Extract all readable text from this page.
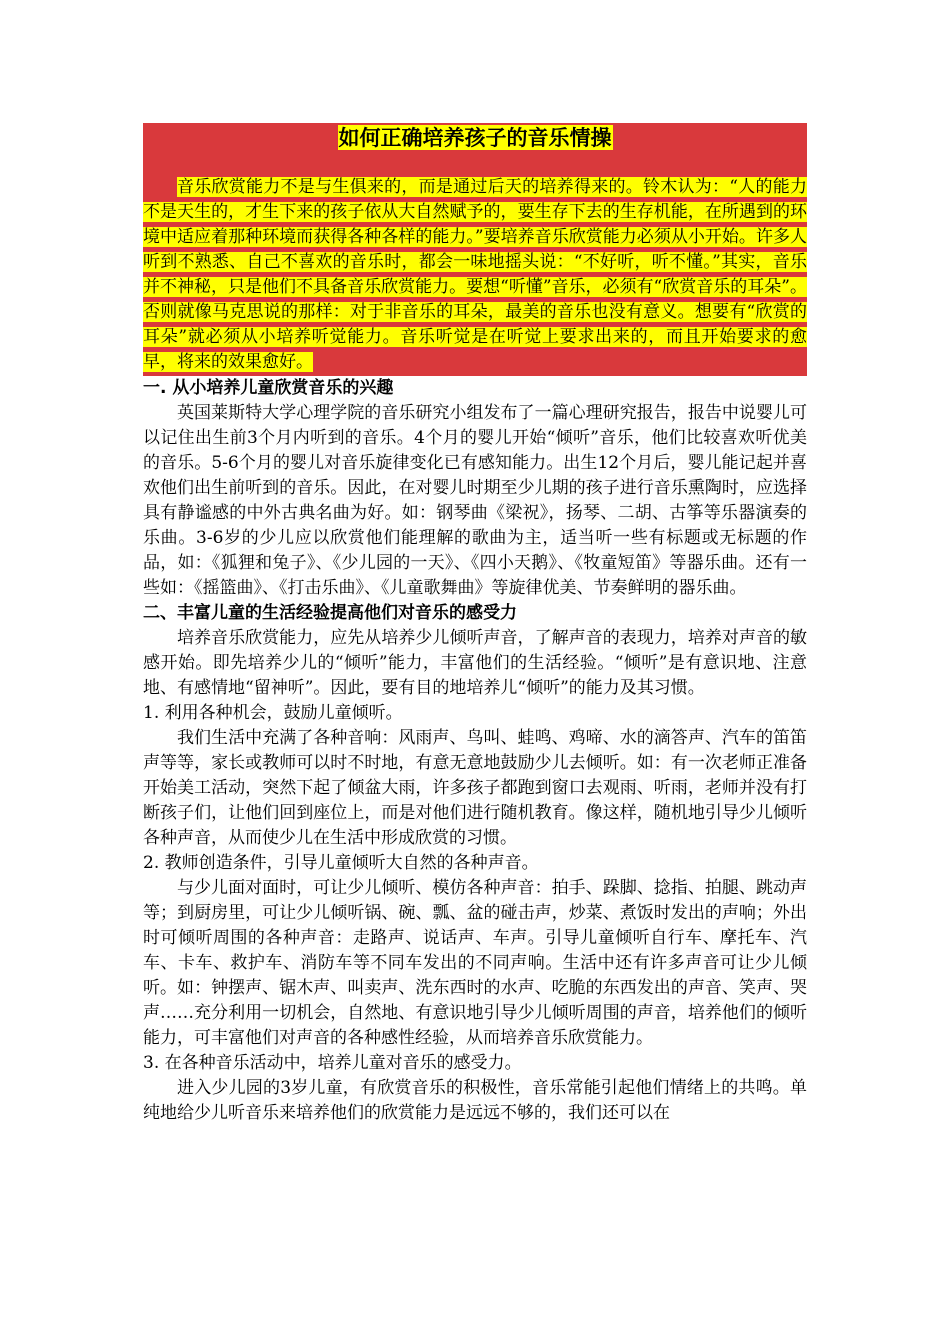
如何正确培养孩子的音乐情操

音乐欣赏能力不是与生俱来的，而是通过后天的培养得来的。铃木认为：“人的能力不是天生的，才生下来的孩子依从大自然赋予的，要生存下去的生存机能，在所遇到的环境中适应着那种环境而获得各种各样的能力。”要培养音乐欣赏能力必须从小开始。许多人听到不熟悉、自己不喜欢的音乐时，都会一味地摇头说：“不好听，听不懂。”其实，音乐并不神秘，只是他们不具备音乐欣赏能力。要想“听懂”音乐，必须有“欣赏音乐的耳朵”。否则就像马克思说的那样：对于非音乐的耳朵，最美的音乐也没有意义。想要有“欣赏的耳朵”就必须从小培养听觉能力。音乐听觉是在听觉上要求出来的，而且开始要求的愈早，将来的效果愈好。

一. 从小培养儿童欣赏音乐的兴趣

英国莱斯特大学心理学院的音乐研究小组发布了一篇心理研究报告，报告中说婴儿可以记住出生前3个月内听到的音乐。4个月的婴儿开始“倾听”音乐，他们比较喜欢听优美的音乐。5-6个月的婴儿对音乐旋律变化已有感知能力。出生12个月后，婴儿能记起并喜欢他们出生前听到的音乐。因此，在对婴儿时期至少儿期的孩子进行音乐熏陶时，应选择具有静谧感的中外古典名曲为好。如：钢琴曲《梁祝》，扬琴、二胡、古筝等乐器演奏的乐曲。3-6岁的少儿应以欣赏他们能理解的歌曲为主，适当听一些有标题或无标题的作品，如：《狐狸和兔子》、《少儿园的一天》、《四小天鹅》、《牧童短笛》等器乐曲。还有一些如：《摇篮曲》、《打击乐曲》、《儿童歌舞曲》等旋律优美、节奏鲜明的器乐曲。

二、丰富儿童的生活经验提高他们对音乐的感受力

培养音乐欣赏能力，应先从培养少儿倾听声音，了解声音的表现力，培养对声音的敏感开始。即先培养少儿的“倾听”能力，丰富他们的生活经验。“倾听”是有意识地、注意地、有感情地“留神听”。因此，要有目的地培养儿“倾听”的能力及其习惯。

1. 利用各种机会，鼓励儿童倾听。

我们生活中充满了各种音响：风雨声、鸟叫、蛙鸣、鸡啼、水的滴答声、汽车的笛笛声等等，家长或教师可以时不时地，有意无意地鼓励少儿去倾听。如：有一次老师正准备开始美工活动，突然下起了倾盆大雨，许多孩子都跑到窗口去观雨、听雨，老师并没有打断孩子们，让他们回到座位上，而是对他们进行随机教育。像这样，随机地引导少儿倾听各种声音，从而使少儿在生活中形成欣赏的习惯。

2. 教师创造条件，引导儿童倾听大自然的各种声音。

与少儿面对面时，可让少儿倾听、模仿各种声音：拍手、跺脚、捻指、拍腿、跳动声等；到厨房里，可让少儿倾听锅、碗、瓢、盆的碰击声，炒菜、煮饭时发出的声响；外出时可倾听周围的各种声音：走路声、说话声、车声。引导儿童倾听自行车、摩托车、汽车、卡车、救护车、消防车等不同车发出的不同声响。生活中还有许多声音可让少儿倾听。如：钟摆声、锯木声、叫卖声、洗东西时的水声、吃脆的东西发出的声音、笑声、哭声……充分利用一切机会，自然地、有意识地引导少儿倾听周围的声音，培养他们的倾听能力，可丰富他们对声音的各种感性经验，从而培养音乐欣赏能力。

3. 在各种音乐活动中，培养儿童对音乐的感受力。

进入少儿园的3岁儿童，有欣赏音乐的积极性，音乐常能引起他们情绪上的共鸣。单纯地给少儿听音乐来培养他们的欣赏能力是远远不够的，我们还可以在
